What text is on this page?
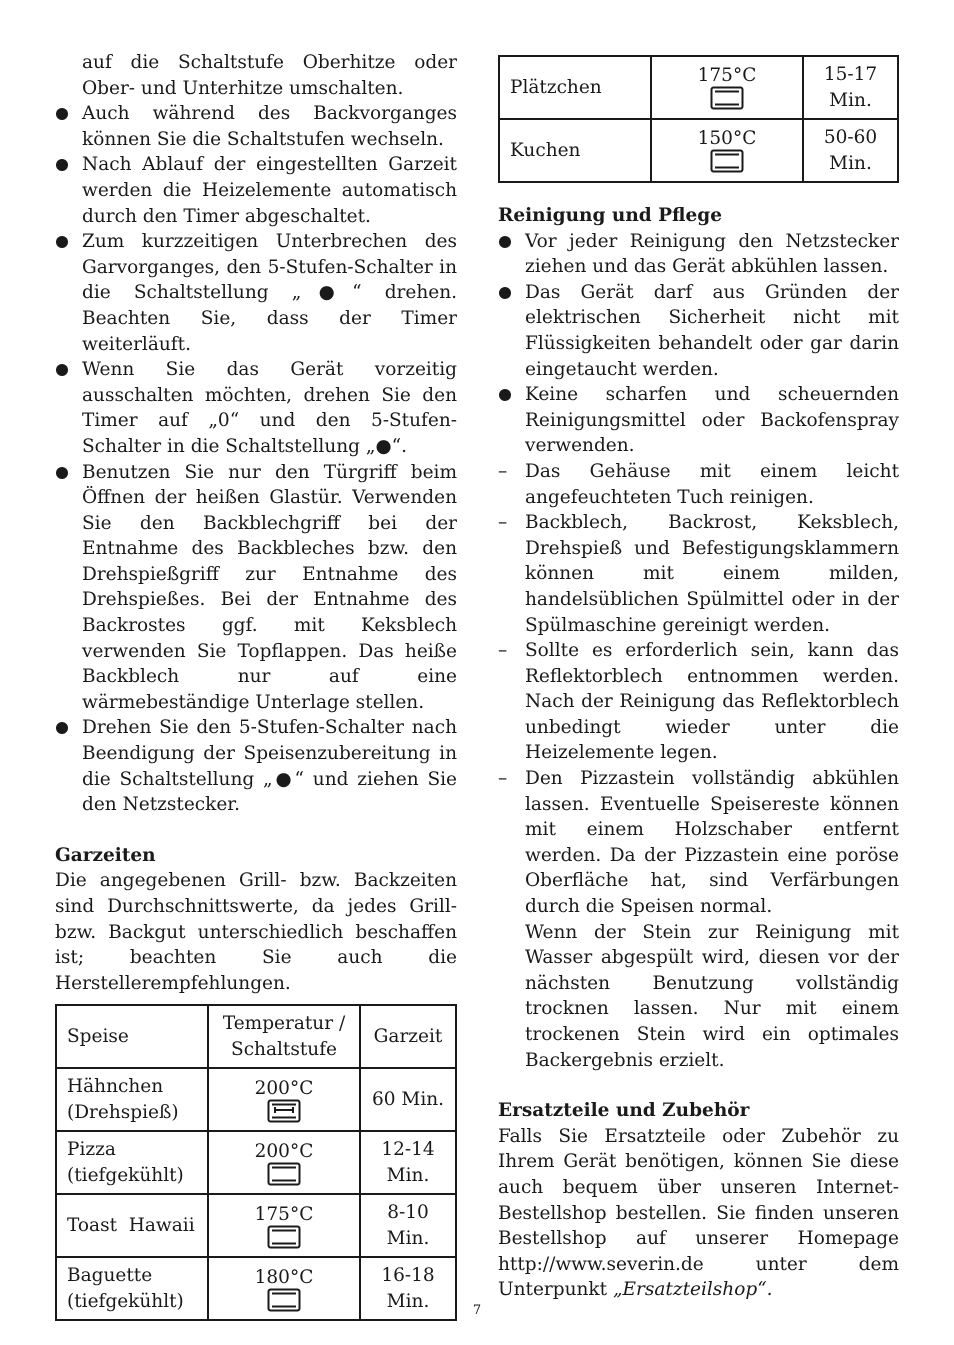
auf die Schaltstufe Oberhitze oder Ober- und Unterhitze umschalten.

Auch während des Backvorganges können Sie die Schaltstufen wechseln.
Nach Ablauf der eingestellten Garzeit werden die Heizelemente automatisch durch den Timer abgeschaltet.
Zum kurzzeitigen Unterbrechen des Garvorganges, den 5-Stufen-Schalter in die Schaltstellung „●“ drehen. Beachten Sie, dass der Timer weiterläuft.
Wenn Sie das Gerät vorzeitig ausschalten möchten, drehen Sie den Timer auf „0“ und den 5-Stufen-Schalter in die Schaltstellung „●“.
Benutzen Sie nur den Türgriff beim Öffnen der heißen Glastür. Verwenden Sie den Backblechgriff bei der Entnahme des Backbleches bzw. den Drehspießgriff zur Entnahme des Drehspießes. Bei der Entnahme des Backrostes ggf. mit Keksblech verwenden Sie Topflappen. Das heiße Backblech nur auf eine wärmebeständige Unterlage stellen.
Drehen Sie den 5-Stufen-Schalter nach Beendigung der Speisenzubereitung in die Schaltstellung „●“ und ziehen Sie den Netzstecker.

Garzeiten

Die angegebenen Grill- bzw. Backzeiten sind Durchschnittswerte, da jedes Grill- bzw. Backgut unterschiedlich beschaffen ist; beachten Sie auch die Herstellerempfehlungen.

Speise	Temperatur / Schaltstufe	Garzeit
Hähnchen (Drehspieß)	200°C	60 Min.
Pizza (tiefgekühlt)	200°C	12-14 Min.
Toast  Hawaii	175°C	8-10 Min.
Baguette (tiefgekühlt)	180°C	16-18 Min.
Plätzchen	175°C	15-17 Min.
Kuchen	150°C	50-60 Min.

Reinigung und Pflege

Vor jeder Reinigung den Netzstecker ziehen und das Gerät abkühlen lassen.
Das Gerät darf aus Gründen der elektrischen Sicherheit nicht mit Flüssigkeiten behandelt oder gar darin eingetaucht werden.
Keine scharfen und scheuernden Reinigungsmittel oder Backofenspray verwenden.
– Das Gehäuse mit einem leicht angefeuchteten Tuch reinigen.
– Backblech, Backrost, Keksblech, Drehspieß und Befestigungsklammern können mit einem milden, handelsüblichen Spülmittel oder in der Spülmaschine gereinigt werden.
– Sollte es erforderlich sein, kann das Reflektorblech entnommen werden. Nach der Reinigung das Reflektorblech unbedingt wieder unter die Heizelemente legen.
– Den Pizzastein vollständig abkühlen lassen. Eventuelle Speisereste können mit einem Holzschaber entfernt werden. Da der Pizzastein eine poröse Oberfläche hat, sind Verfärbungen durch die Speisen normal.

Wenn der Stein zur Reinigung mit Wasser abgespült wird, diesen vor der nächsten Benutzung vollständig trocknen lassen. Nur mit einem trockenen Stein wird ein optimales Backergebnis erzielt.

Ersatzteile und Zubehör

Falls Sie Ersatzteile oder Zubehör zu Ihrem Gerät benötigen, können Sie diese auch bequem über unseren Internet-Bestellshop bestellen. Sie finden unseren Bestellshop auf unserer Homepage http://www.severin.de unter dem Unterpunkt „Ersatzteilshop“.

7
